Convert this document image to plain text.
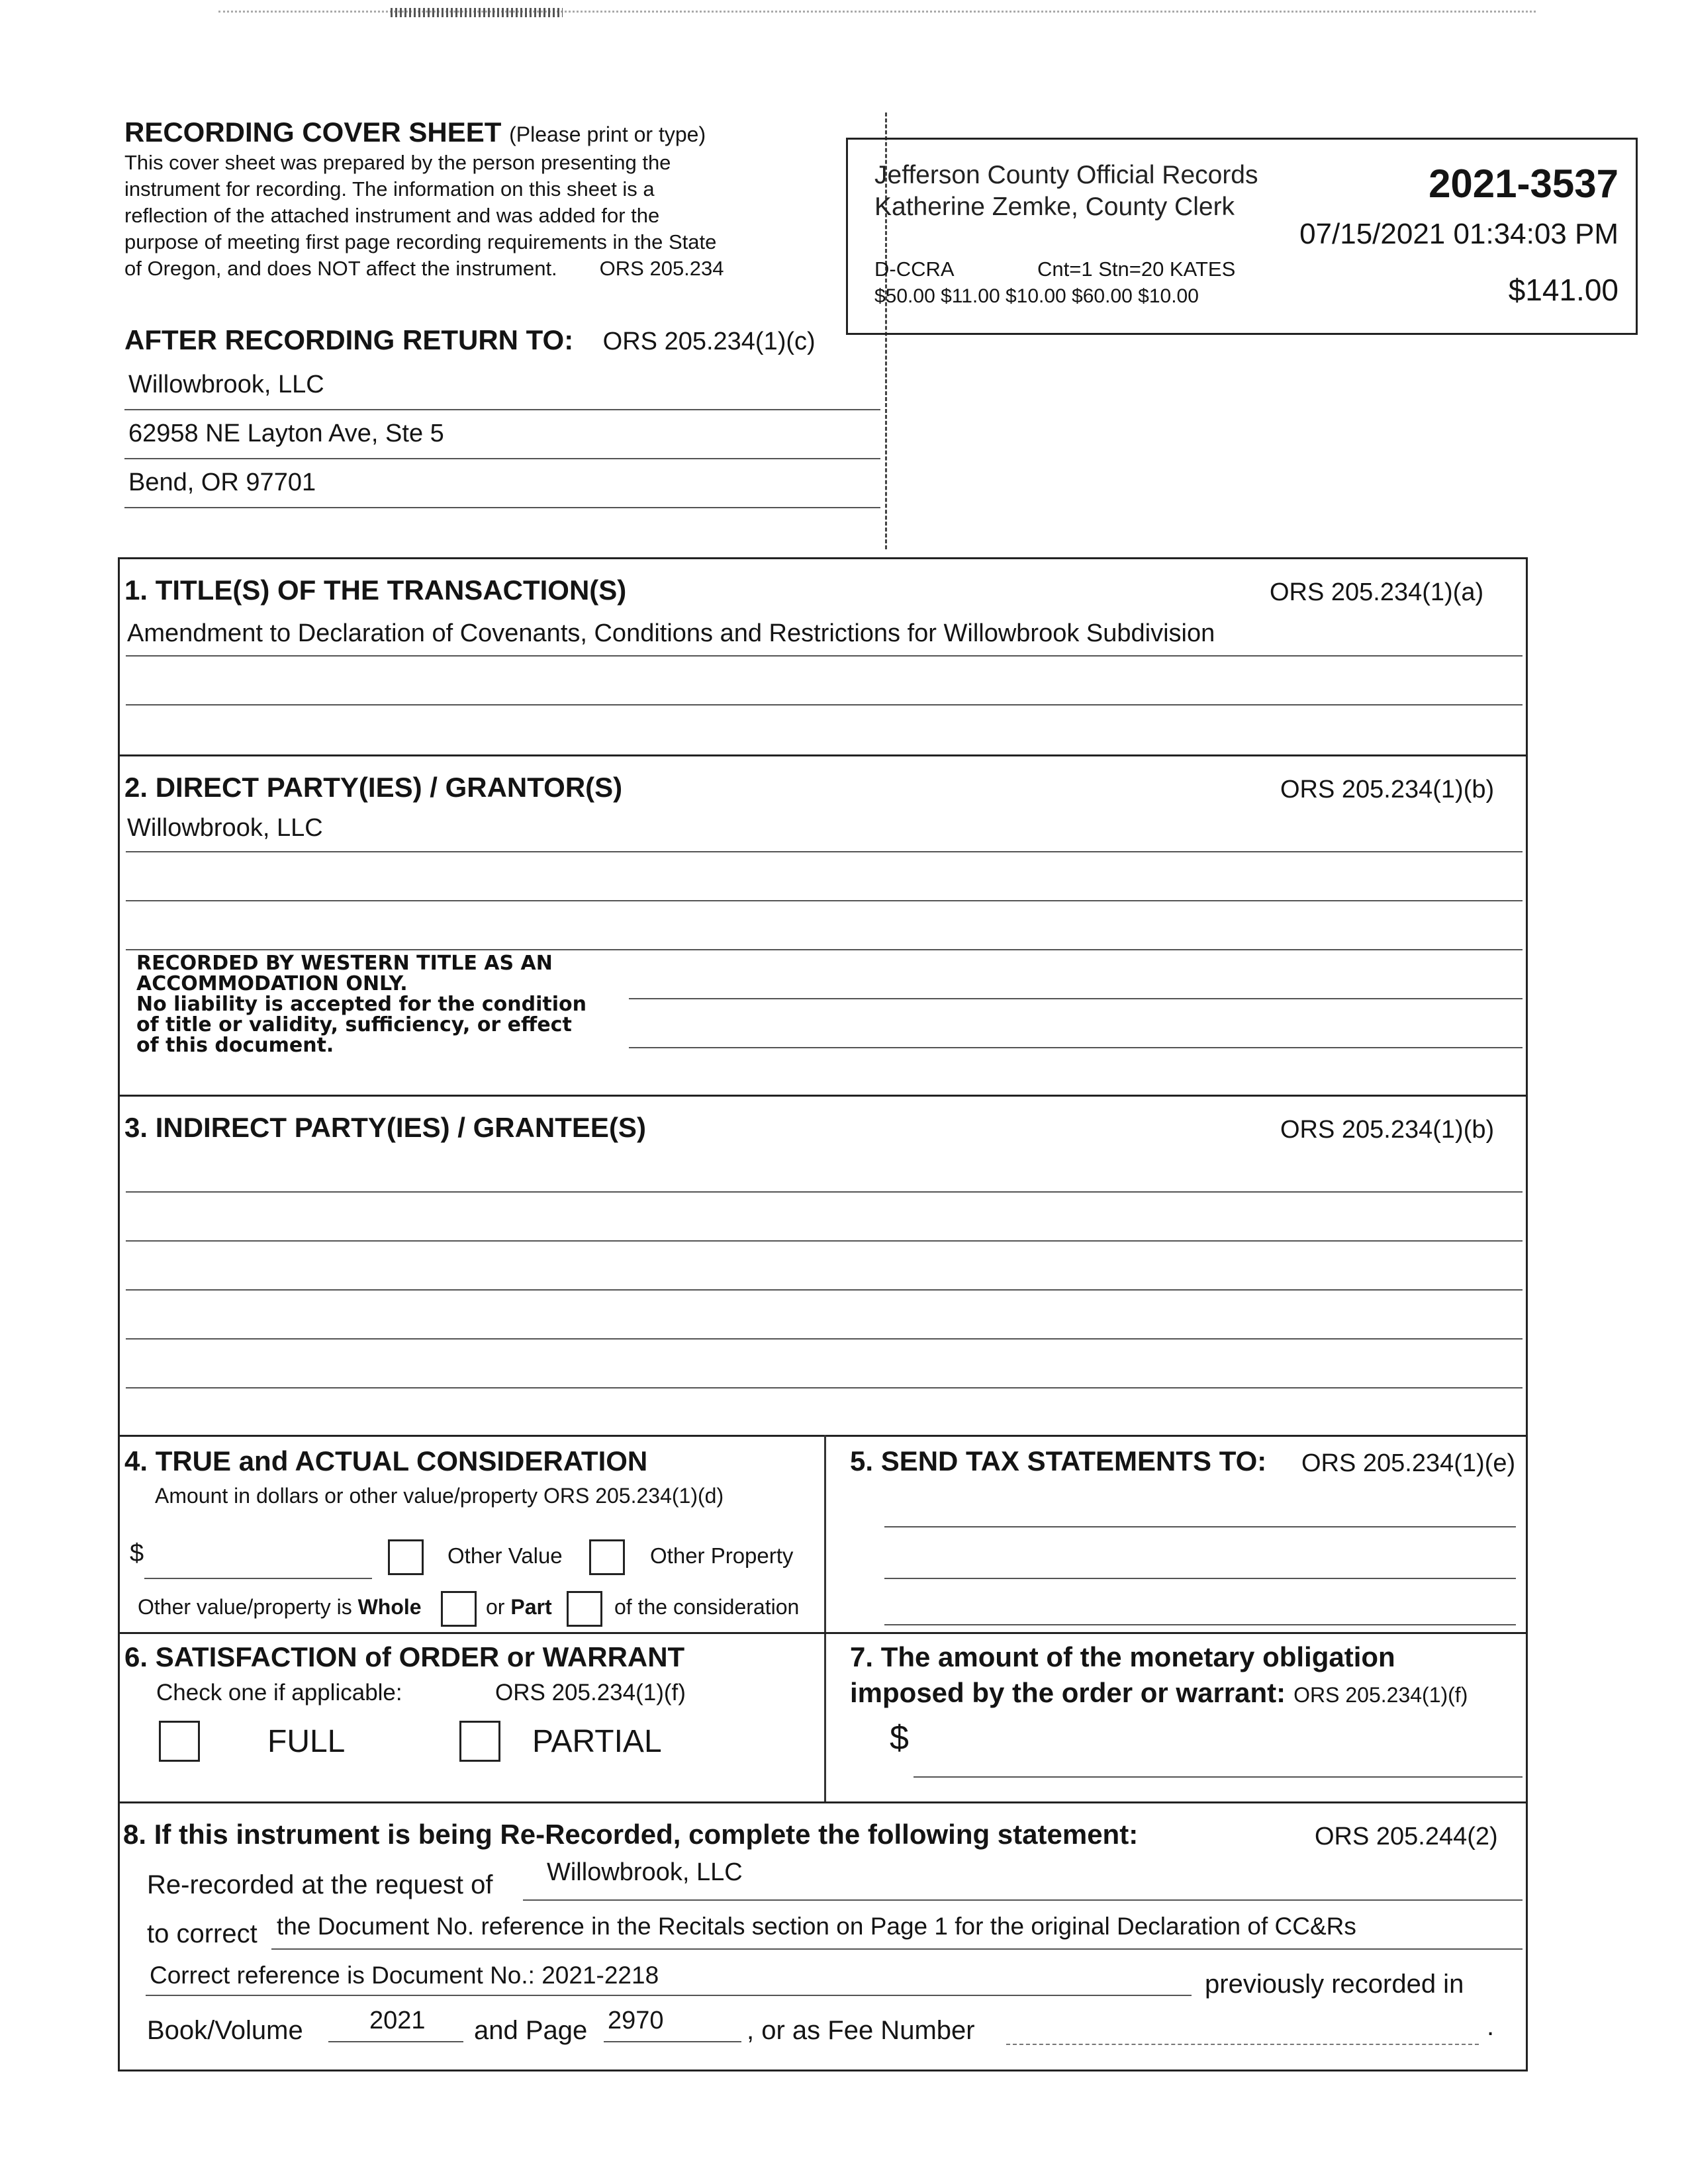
RECORDING COVER SHEET (Please print or type)
This cover sheet was prepared by the person presenting the
instrument for recording. The information on this sheet is a
reflection of the attached instrument and was added for the
purpose of meeting first page recording requirements in the State
of Oregon, and does NOT affect the instrument. ORS 205.234
Jefferson County Official Records
Katherine Zemke, County Clerk
2021-3537
07/15/2021 01:34:03 PM
D-CCRA	Cnt=1 Stn=20 KATES
$50.00 $11.00 $10.00 $60.00 $10.00	$141.00
AFTER RECORDING RETURN TO: ORS 205.234(1)(c)
Willowbrook, LLC
62958 NE Layton Ave, Ste 5
Bend, OR 97701
1. TITLE(S) OF THE TRANSACTION(S)	ORS 205.234(1)(a)
Amendment to Declaration of Covenants, Conditions and Restrictions for Willowbrook Subdivision
2. DIRECT PARTY(IES) / GRANTOR(S)	ORS 205.234(1)(b)
Willowbrook, LLC
RECORDED BY WESTERN TITLE AS AN
ACCOMMODATION ONLY.
No liability is accepted for the condition
of title or validity, sufficiency, or effect
of this document.
3. INDIRECT PARTY(IES) / GRANTEE(S)	ORS 205.234(1)(b)
4. TRUE and ACTUAL CONSIDERATION
Amount in dollars or other value/property ORS 205.234(1)(d)
$	Other Value	Other Property
Other value/property is Whole	or Part	of the consideration
5. SEND TAX STATEMENTS TO: ORS 205.234(1)(e)
6. SATISFACTION of ORDER or WARRANT
Check one if applicable:	ORS 205.234(1)(f)
FULL	PARTIAL
7. The amount of the monetary obligation
imposed by the order or warrant: ORS 205.234(1)(f)
$
8. If this instrument is being Re-Recorded, complete the following statement:	ORS 205.244(2)
Re-recorded at the request of Willowbrook, LLC
to correct the Document No. reference in the Recitals section on Page 1 for the original Declaration of CC&Rs
Correct reference is Document No.: 2021-2218	previously recorded in
Book/Volume	2021 and Page 2970	, or as Fee Number	.
